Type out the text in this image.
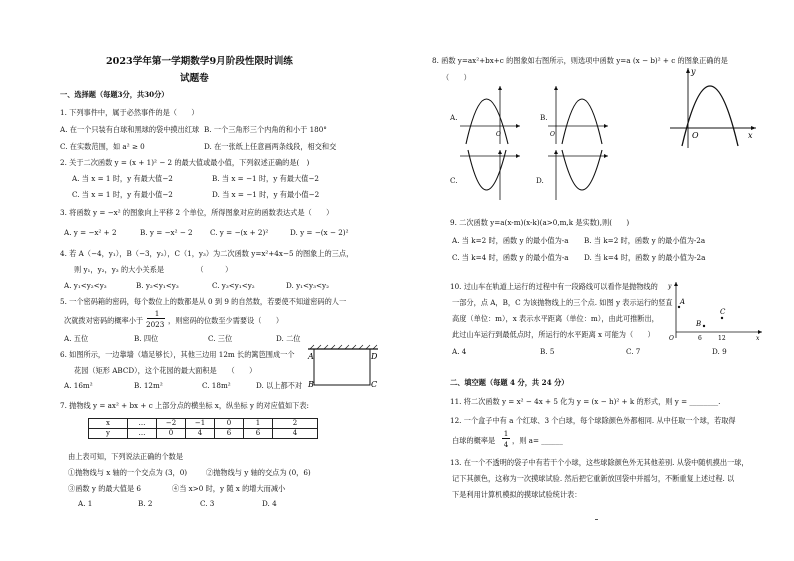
2023学年第一学期数学9月阶段性限时训练
试题卷
一、选择题（每题3分，共30分）
1. 下列事件中，属于必然事件的是（　　）
A. 在一个只装有白球和黑球的袋中摸出红球 B. 一个三角形三个内角的和小于 180°
C. 在实数范围，如 a² ≥ 0	D. 在一张纸上任意画两条线段，相交和交
2. 关于二次函数 y = (x + 1)² − 2 的最大值或最小值，下列叙述正确的是(　)
A. 当 x = 1 时，y 有最大值−2	B. 当 x = −1 时，y 有最大值−2
C. 当 x = 1 时，y 有最小值−2	D. 当 x = −1 时，y 有最小值−2
3. 将函数 y = −x² 的图象向上平移 2 个单位，所得图象对应的函数表达式是（　　）
A. y = −x² + 2	B. y = −x² − 2 C. y = −(x + 2)²	D. y = −(x − 2)²
4. 若 A（−4，y₁），B（−3，y₂），C（1，y₃）为二次函数 y=x²+4x−5 的图象上的三点，
则 y₁，y₂，y₃ 的大小关系是　　　　　（　　　）
A. y₁<y₂<y₃	B. y₂<y₁<y₃	C. y₃<y₁<y₂	D. y₁<y₃<y₂
5. 一个密码箱的密码，每个数位上的数都是从 0 到 9 的自然数，若要使不知道密码的人一
次就拨对密码的概率小于
1
2023 ，则密码的位数至少需要设（　　）
A. 五位	B. 四位	C. 三位	D. 二位
6. 如图所示，一边靠墙（墙足够长），其他三边用 12m 长的篱笆围成一个
花园（矩形 ABCD），这个花园的最大面积是　　（　　）
A. 16m²	B. 12m²	C. 18m²	D. 以上都不对
A	D
B	C
7. 抛物线 y = ax² + bx + c 上部分点的横坐标 x，纵坐标 y 的对应值如下表:
x	…	−2	−1	0	1	2
y	…	0	4	6	6	4
由上表可知，下列说法正确的个数是
①抛物线与 x 轴的一个交点为 (3，0)	②抛物线与 y 轴的交点为 (0，6)
③函数 y 的最大值是 6	④当 x>0 时，y 随 x 的增大而减小
A. 1	B. 2	C. 3	D. 4
8. 函数 y=ax²+bx+c 的图象如右图所示，则选项中函数 y=a (x − b)² + c 的图象正确的是
（　　）
O	x
y
A.
O
B.
O
C.	D.
9. 二次函数 y=a(x-m)(x-k)(a>0,m,k 是实数),则(　　)
A. 当 k=2 时，函数 y 的最小值为-a B. 当 k=2 时，函数 y 的最小值为-2a
C. 当 k=4 时，函数 y 的最小值为-a D. 当 k=4 时，函数 y 的最小值为-2a
10. 过山车在轨道上运行的过程中有一段路线可以看作是抛物线的
一部分，点 A，B，C 为该抛物线上的三个点. 如图 y 表示运行的竖直
高度（单位：m），x 表示水平距离（单位：m），由此可推断出，
此过山车运行到最低点时，所运行的水平距离 x 可能为（　　）
A. 4	B. 5	C. 7	D. 9
A
B
C
O	6	12	x
y
二、填空题（每题 4 分，共 24 分）
11. 将二次函数 y = x² − 4x + 5 化为 y = (x − h)² + k 的形式，则 y = ________.
12. 一个盒子中有 a 个红球、3 个白球，每个球除颜色外都相同. 从中任取一个球，若取得
白球的概率是
1
4 ，则 a= ______
13. 在一个不透明的袋子中有若干个小球，这些球除颜色外无其他差别. 从袋中随机摸出一球，
记下其颜色，这称为一次摸球试验. 然后把它重新放回袋中并摇匀，不断重复上述过程. 以
下是利用计算机模拟的摸球试验统计表：
